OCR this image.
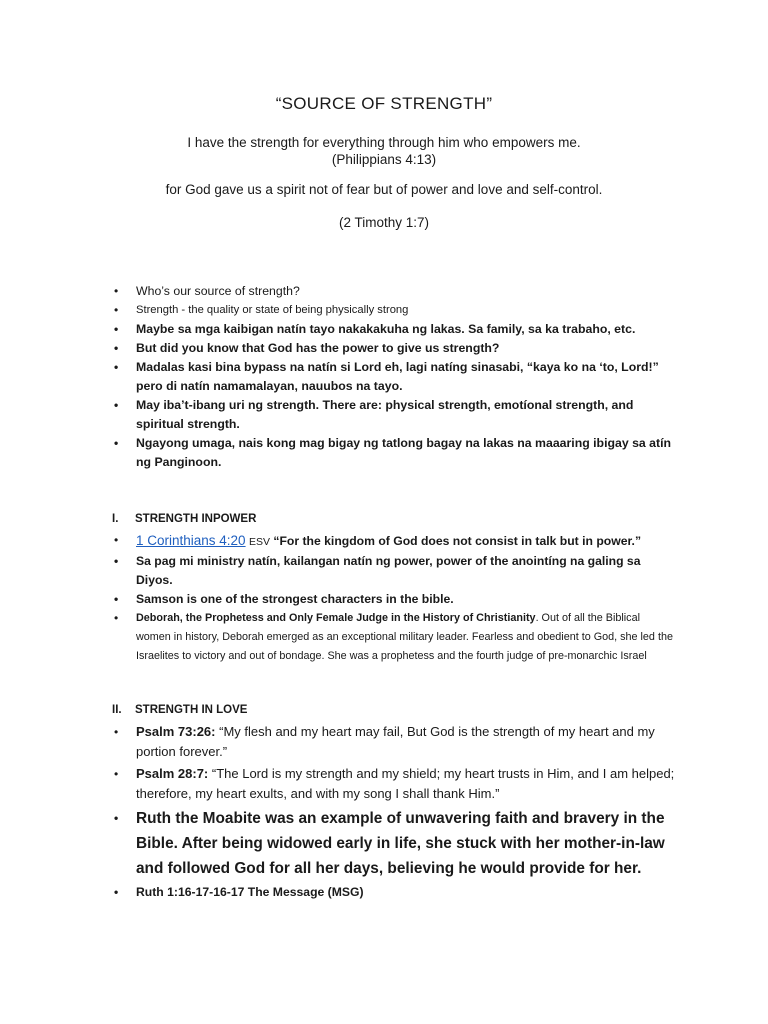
“SOURCE OF STRENGTH”
I have the strength for everything through him who empowers me.
(Philippians 4:13)
for God gave us a spirit not of fear but of power and love and self-control.
(2 Timothy 1:7)
• Who’s our source of strength?
• Strength - the quality or state of being physically strong
• Maybe sa mga kaibigan natín tayo nakakakuha ng lakas. Sa family, sa ka trabaho, etc.
• But did you know that God has the power to give us strength?
• Madalas kasi bina bypass na natín si Lord eh, lagi natíng sinasabi, “kaya ko na ‘to, Lord!” pero di natín namamalayan, nauubos na tayo.
• May iba’t-ibang uri ng strength. There are: physical strength, emotíonal strength, and spiritual strength.
• Ngayong umaga, nais kong mag bigay ng tatlong bagay na lakas na maaaring ibigay sa atín ng Panginoon.
I. STRENGTH INPOWER
• 1 Corinthians 4:20 ESV “For the kingdom of God does not consist in talk but in power.”
• Sa pag mi ministry natín, kailangan natín ng power, power of the anointíng na galing sa Diyos.
• Samson is one of the strongest characters in the bible.
• Deborah, the Prophetess and Only Female Judge in the History of Christianity. Out of all the Biblical women in history, Deborah emerged as an exceptional military leader. Fearless and obedient to God, she led the Israelites to victory and out of bondage. She was a prophetess and the fourth judge of pre-monarchic Israel
II. STRENGTH IN LOVE
• Psalm 73:26: “My flesh and my heart may fail, But God is the strength of my heart and my portion forever.”
• Psalm 28:7: “The Lord is my strength and my shield; my heart trusts in Him, and I am helped; therefore, my heart exults, and with my song I shall thank Him.”
• Ruth the Moabite was an example of unwavering faith and bravery in the Bible. After being widowed early in life, she stuck with her mother-in-law and followed God for all her days, believing he would provide for her.
• Ruth 1:16-17-16-17 The Message (MSG)
